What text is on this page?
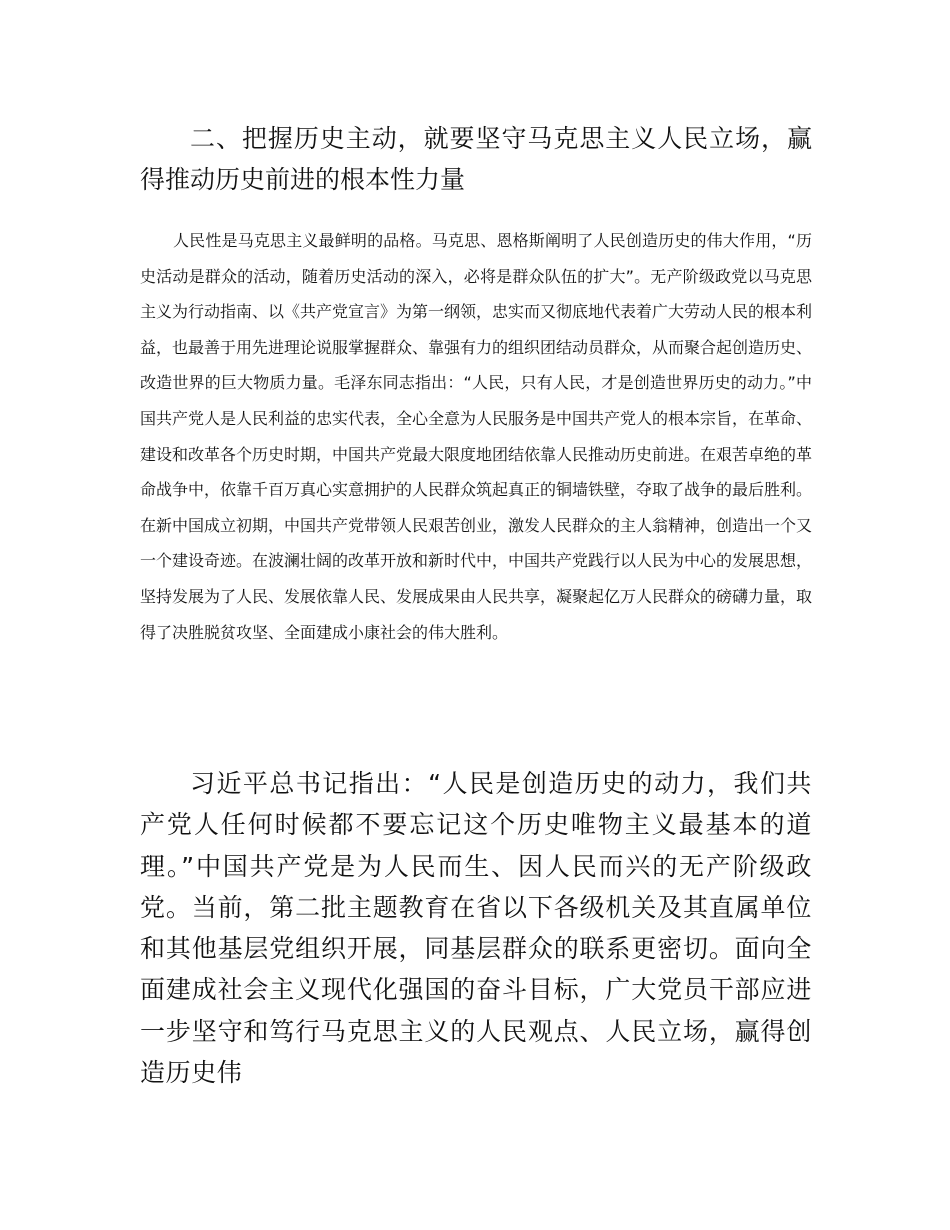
二、把握历史主动，就要坚守马克思主义人民立场，赢得推动历史前进的根本性力量

人民性是马克思主义最鲜明的品格。马克思、恩格斯阐明了人民创造历史的伟大作用，“历史活动是群众的活动，随着历史活动的深入，必将是群众队伍的扩大”。无产阶级政党以马克思主义为行动指南、以《共产党宣言》为第一纲领，忠实而又彻底地代表着广大劳动人民的根本利益，也最善于用先进理论说服掌握群众、靠强有力的组织团结动员群众，从而聚合起创造历史、改造世界的巨大物质力量。毛泽东同志指出：“人民，只有人民，才是创造世界历史的动力。”中国共产党人是人民利益的忠实代表，全心全意为人民服务是中国共产党人的根本宗旨，在革命、建设和改革各个历史时期，中国共产党最大限度地团结依靠人民推动历史前进。在艰苦卓绝的革命战争中，依靠千百万真心实意拥护的人民群众筑起真正的铜墙铁壁，夺取了战争的最后胜利。在新中国成立初期，中国共产党带领人民艰苦创业，激发人民群众的主人翁精神，创造出一个又一个建设奇迹。在波澜壮阔的改革开放和新时代中，中国共产党践行以人民为中心的发展思想，坚持发展为了人民、发展依靠人民、发展成果由人民共享，凝聚起亿万人民群众的磅礴力量，取得了决胜脱贫攻坚、全面建成小康社会的伟大胜利。

习近平总书记指出：“人民是创造历史的动力，我们共产党人任何时候都不要忘记这个历史唯物主义最基本的道理。”中国共产党是为人民而生、因人民而兴的无产阶级政党。当前，第二批主题教育在省以下各级机关及其直属单位和其他基层党组织开展，同基层群众的联系更密切。面向全面建成社会主义现代化强国的奋斗目标，广大党员干部应进一步坚守和笃行马克思主义的人民观点、人民立场，赢得创造历史伟
